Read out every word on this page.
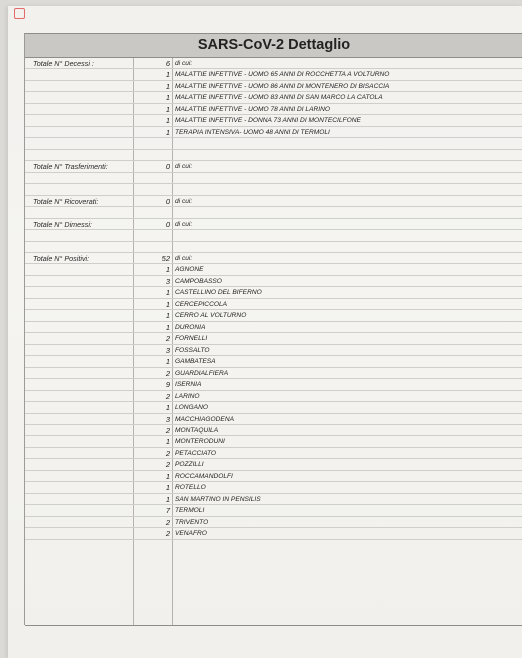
SARS-CoV-2 Dettaglio
Totale N° Decessi :	6 di cui:
1 MALATTIE INFETTIVE - UOMO 65 ANNI DI ROCCHETTA A VOLTURNO
1 MALATTIE INFETTIVE - UOMO 86 ANNI DI MONTENERO DI BISACCIA
1 MALATTIE INFETTIVE - UOMO 83 ANNI DI SAN MARCO LA CATOLA
1 MALATTIE INFETTIVE - UOMO 78 ANNI DI LARINO
1 MALATTIE INFETTIVE - DONNA 73 ANNI DI MONTECILFONE
1 TERAPIA INTENSIVA- UOMO 48 ANNI DI TERMOLI
Totale N° Trasferimenti:	0 di cui:
Totale N° Ricoverati:	0 di cui:
Totale N° Dimessi:	0 di cui:
Totale N° Positivi:	52 di cui:
1 AGNONE
3 CAMPOBASSO
1 CASTELLINO DEL BIFERNO
1 CERCEPICCOLA
1 CERRO AL VOLTURNO
1 DURONIA
2 FORNELLI
3 FOSSALTO
1 GAMBATESA
2 GUARDIALFIERA
9 ISERNIA
2 LARINO
1 LONGANO
3 MACCHIAGODENA
2 MONTAQUILA
1 MONTERODUNI
2 PETACCIATO
2 POZZILLI
1 ROCCAMANDOLFI
1 ROTELLO
1 SAN MARTINO IN PENSILIS
7 TERMOLI
2 TRIVENTO
2 VENAFRO
